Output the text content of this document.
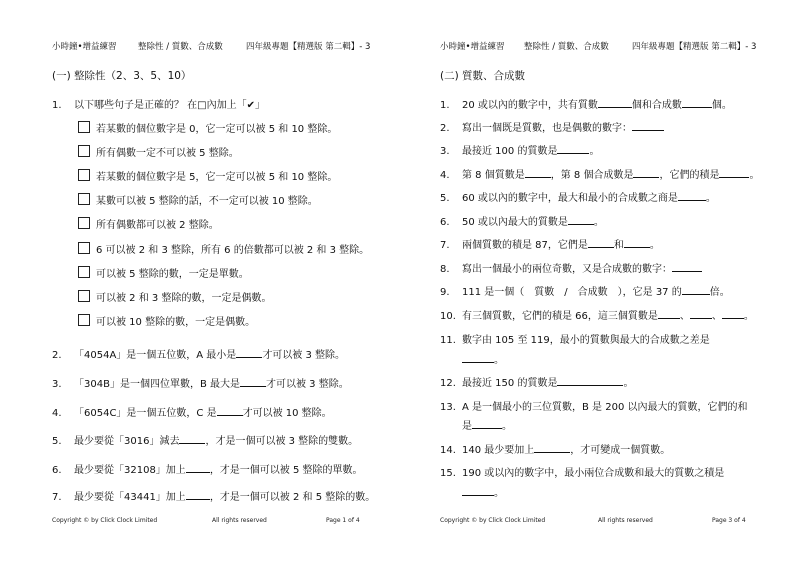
小時鐘•增益練習	整除性 / 質數、合成數	四年級專題【精選版 第二輯】- 3
(一) 整除性（2、3、5、10）
1. 以下哪些句子是正確的？ 在□內加上「✔」
若某數的個位數字是 0，它一定可以被 5 和 10 整除。
所有偶數一定不可以被 5 整除。
若某數的個位數字是 5，它一定可以被 5 和 10 整除。
某數可以被 5 整除的話，不一定可以被 10 整除。
所有偶數都可以被 2 整除。
6 可以被 2 和 3 整除，所有 6 的倍數都可以被 2 和 3 整除。
可以被 5 整除的數，一定是單數。
可以被 2 和 3 整除的數，一定是偶數。
可以被 10 整除的數，一定是偶數。
2. 「4054A」是一個五位數，A 最小是	才可以被 3 整除。
3. 「304B」是一個四位單數，B 最大是	才可以被 3 整除。
4. 「6054C」是一個五位數，C 是	才可以被 10 整除。
5. 最少要從「3016」減去	，才是一個可以被 3 整除的雙數。
6. 最少要從「32108」加上 ，才是一個可以被 5 整除的單數。
7. 最少要從「43441」加上 ，才是一個可以被 2 和 5 整除的數。
Copyright © by Click Clock Limited	All rights reserved	Page 1 of 4
小時鐘•增益練習 整除性 / 質數、合成數	四年級專題【精選版 第二輯】- 3
(二) 質數、合成數
1. 20 或以內的數字中，共有質數	個和合成數	個。
2. 寫出一個既是質數，也是偶數的數字：
3. 最接近 100 的質數是	。
4. 第 8 個質數是	，第 8 個合成數是	，它們的積是	。
5. 60 或以內的數字中，最大和最小的合成數之商是	。
6. 50 或以內最大的質數是	。
7. 兩個質數的積是 87，它們是	和	。
8. 寫出一個最小的兩位奇數，又是合成數的數字：
9. 111 是一個（　質數　/　合成數　），它是 37 的	倍。
10. 有三個質數，它們的積是 66，這三個質數是 、 、 。
11. 數字由 105 至 119，最小的質數與最大的合成數之差是
。
12. 最接近 150 的質數是	。
13. A 是一個最小的三位質數，B 是 200 以內最大的質數，它們的和
是	。
14. 140 最少要加上	，才可變成一個質數。
15. 190 或以內的數字中，最小兩位合成數和最大的質數之積是
。
Copyright © by Click Clock Limited	All rights reserved	Page 3 of 4
